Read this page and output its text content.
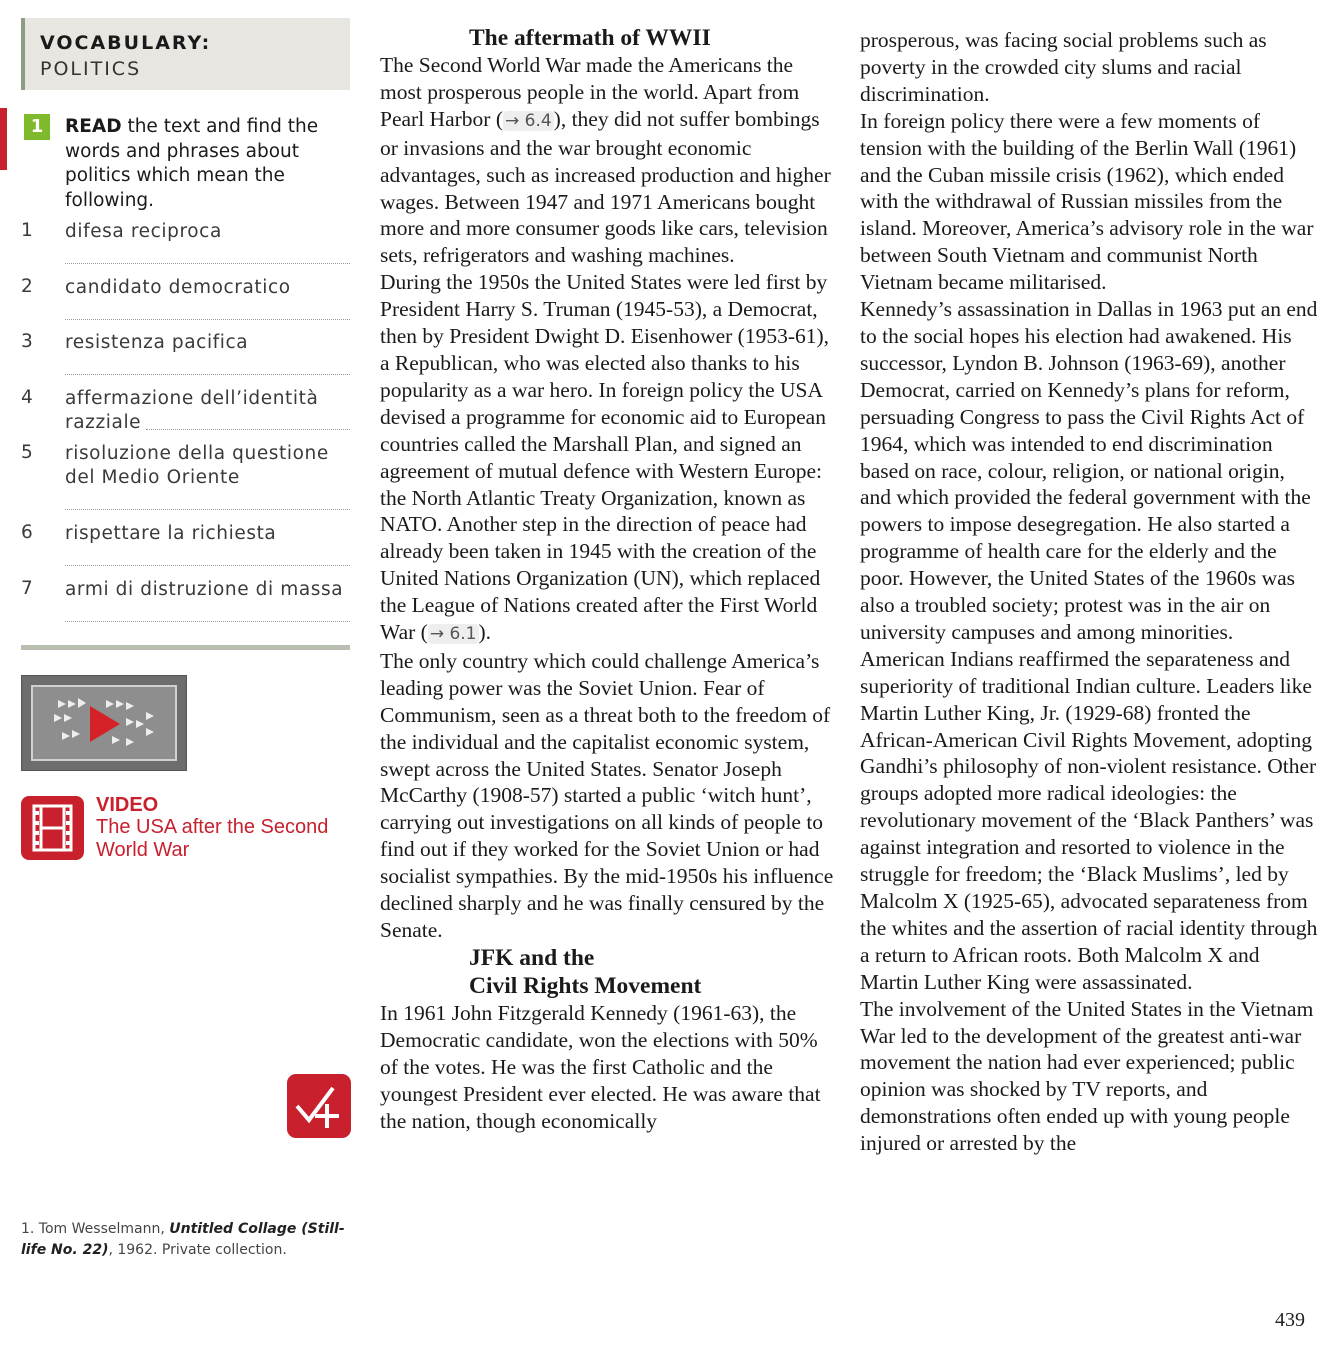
VOCABULARY:
POLITICS
1	READ the text and find the words and phrases about politics which mean the following.
1 difesa reciproca
2 candidato democratico
3 resistenza pacifica
4 affermazione dell’identità razziale
5 risoluzione della questione del Medio Oriente
6 rispettare la richiesta
7 armi di distruzione di massa
VIDEO
The USA after the Second World War
1. Tom Wesselmann, Untitled Collage (Still-life No. 22), 1962. Private collection.

The aftermath of WWII

The Second World War made the Americans the most prosperous people in the world. Apart from Pearl Harbor ( → 6.4), they did not suffer bombings or invasions and the war brought economic advantages, such as increased production and higher wages. Between 1947 and 1971 Americans bought more and more consumer goods like cars, television sets, refrigerators and washing machines.

During the 1950s the United States were led first by President Harry S. Truman (1945-53), a Democrat, then by President Dwight D. Eisenhower (1953-61), a Republican, who was elected also thanks to his popularity as a war hero. In foreign policy the USA devised a programme for economic aid to European countries called the Marshall Plan, and signed an agreement of mutual defence with Western Europe: the North Atlantic Treaty Organization, known as NATO. Another step in the direction of peace had already been taken in 1945 with the creation of the United Nations Organization (UN), which replaced the League of Nations created after the First World War ( → 6.1).

The only country which could challenge America’s leading power was the Soviet Union. Fear of Communism, seen as a threat both to the freedom of the individual and the capitalist economic system, swept across the United States. Senator Joseph McCarthy (1908-57) started a public ‘witch hunt’, carrying out investigations on all kinds of people to find out if they worked for the Soviet Union or had socialist sympathies. By the mid-1950s his influence declined sharply and he was finally censured by the Senate.

JFK and the
Civil Rights Movement

In 1961 John Fitzgerald Kennedy (1961-63), the Democratic candidate, won the elections with 50% of the votes. He was the first Catholic and the youngest President ever elected. He was aware that the nation, though economically

prosperous, was facing social problems such as poverty in the crowded city slums and racial discrimination.

In foreign policy there were a few moments of tension with the building of the Berlin Wall (1961) and the Cuban missile crisis (1962), which ended with the withdrawal of Russian missiles from the island. Moreover, America’s advisory role in the war between South Vietnam and communist North Vietnam became militarised.

Kennedy’s assassination in Dallas in 1963 put an end to the social hopes his election had awakened. His successor, Lyndon B. Johnson (1963-69), another Democrat, carried on Kennedy’s plans for reform, persuading Congress to pass the Civil Rights Act of 1964, which was intended to end discrimination based on race, colour, religion, or national origin, and which provided the federal government with the powers to impose desegregation. He also started a programme of health care for the elderly and the poor. However, the United States of the 1960s was also a troubled society; protest was in the air on university campuses and among minorities. American Indians reaffirmed the separateness and superiority of traditional Indian culture. Leaders like Martin Luther King, Jr. (1929-68) fronted the African-American Civil Rights Movement, adopting Gandhi’s philosophy of non-violent resistance. Other groups adopted more radical ideologies: the revolutionary movement of the ‘Black Panthers’ was against integration and resorted to violence in the struggle for freedom; the ‘Black Muslims’, led by Malcolm X (1925-65), advocated separateness from the whites and the assertion of racial identity through a return to African roots. Both Malcolm X and Martin Luther King were assassinated.

The involvement of the United States in the Vietnam War led to the development of the greatest anti-war movement the nation had ever experienced; public opinion was shocked by TV reports, and demonstrations often ended up with young people injured or arrested by the

439
